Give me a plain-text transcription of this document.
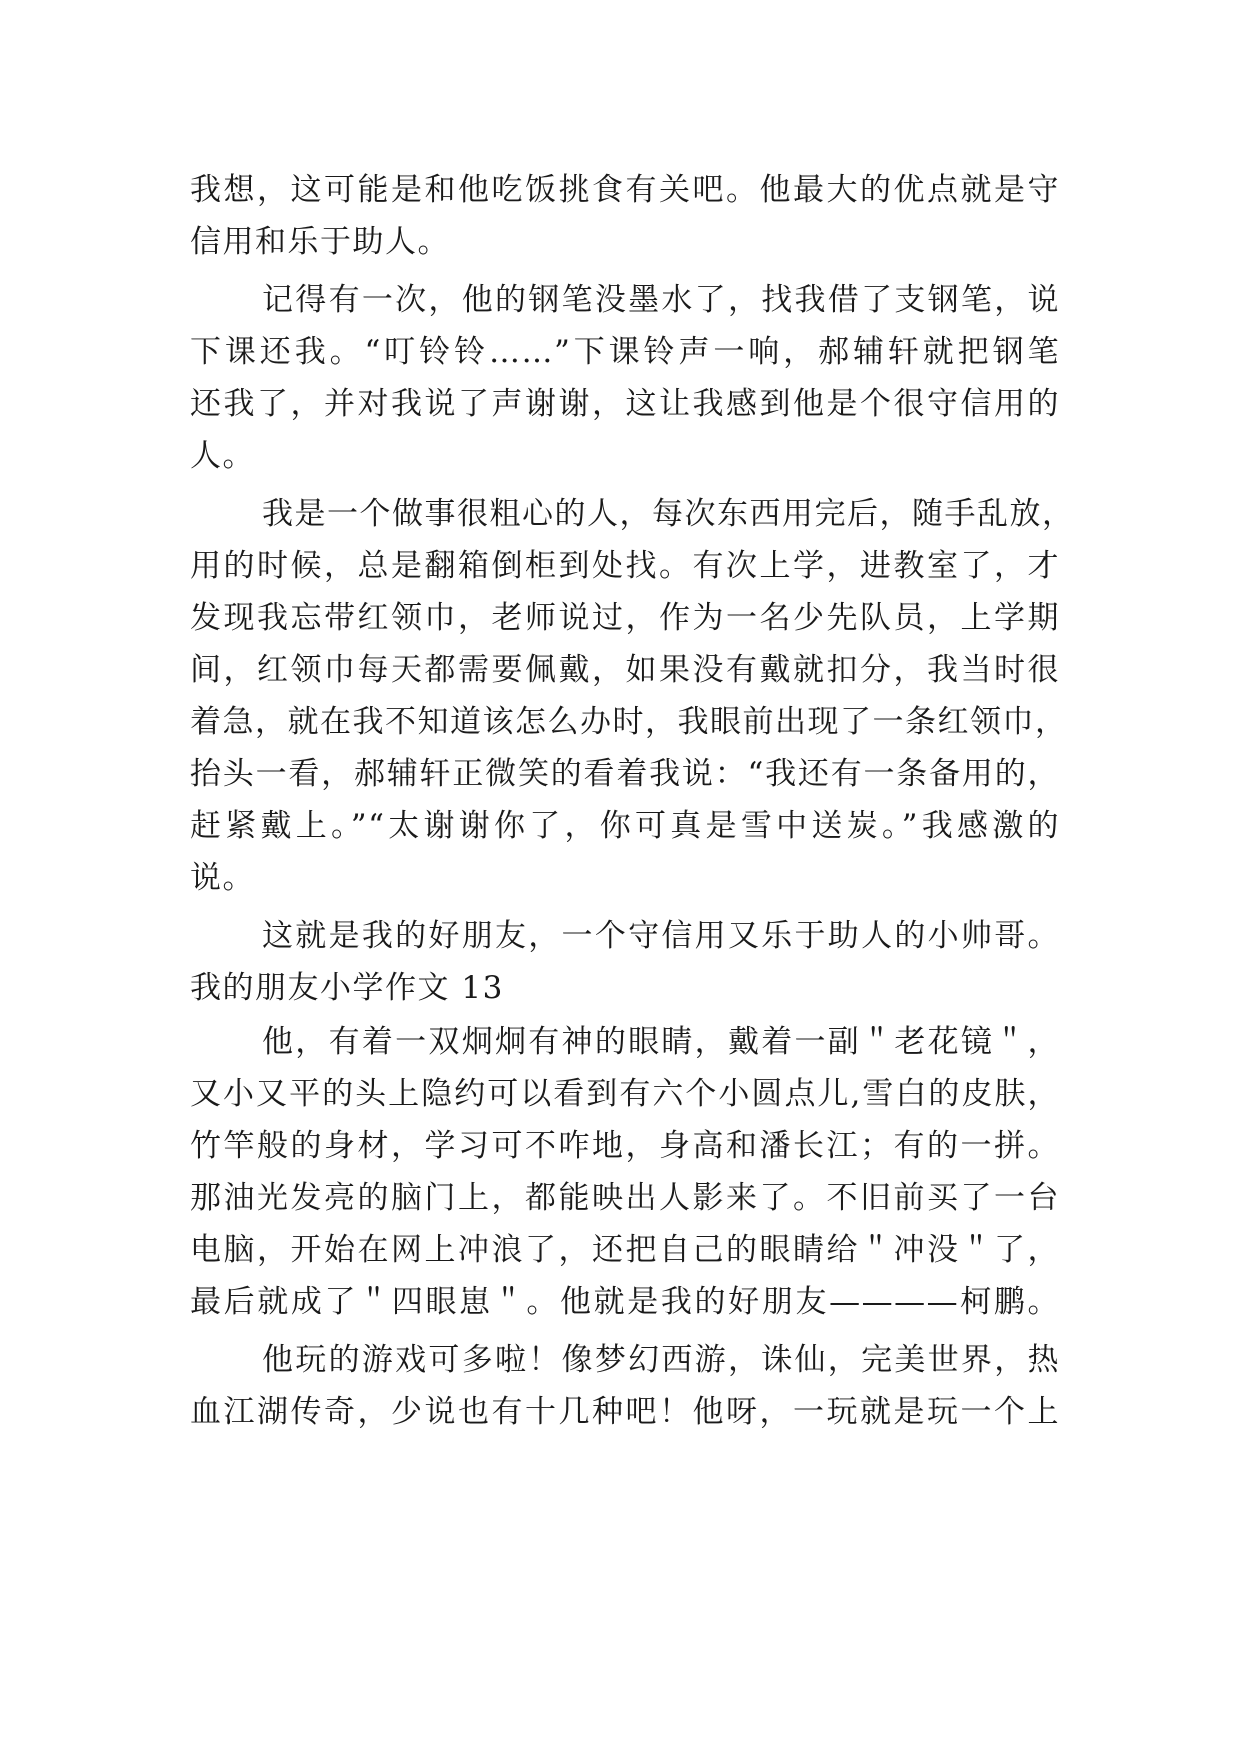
我想，这可能是和他吃饭挑食有关吧。他最大的优点就是守
信用和乐于助人。
记得有一次，他的钢笔没墨水了，找我借了支钢笔，说
下课还我。“叮铃铃……”下课铃声一响，郝辅轩就把钢笔
还我了，并对我说了声谢谢，这让我感到他是个很守信用的
人。
我是一个做事很粗心的人，每次东西用完后，随手乱放，
用的时候，总是翻箱倒柜到处找。有次上学，进教室了，才
发现我忘带红领巾，老师说过，作为一名少先队员，上学期
间，红领巾每天都需要佩戴，如果没有戴就扣分，我当时很
着急，就在我不知道该怎么办时，我眼前出现了一条红领巾，
抬头一看，郝辅轩正微笑的看着我说：“我还有一条备用的，
赶紧戴上。”“太谢谢你了，你可真是雪中送炭。”我感激的
说。
这就是我的好朋友，一个守信用又乐于助人的小帅哥。
我的朋友小学作文 13
他，有着一双炯炯有神的眼睛，戴着一副＂老花镜＂，
又小又平的头上隐约可以看到有六个小圆点儿,雪白的皮肤，
竹竿般的身材，学习可不咋地，身高和潘长江；有的一拼。
那油光发亮的脑门上，都能映出人影来了。不旧前买了一台
电脑，开始在网上冲浪了，还把自己的眼睛给＂冲没＂了，
最后就成了＂四眼崽＂。他就是我的好朋友————柯鹏。
他玩的游戏可多啦！像梦幻西游，诛仙，完美世界，热
血江湖传奇，少说也有十几种吧！他呀，一玩就是玩一个上
